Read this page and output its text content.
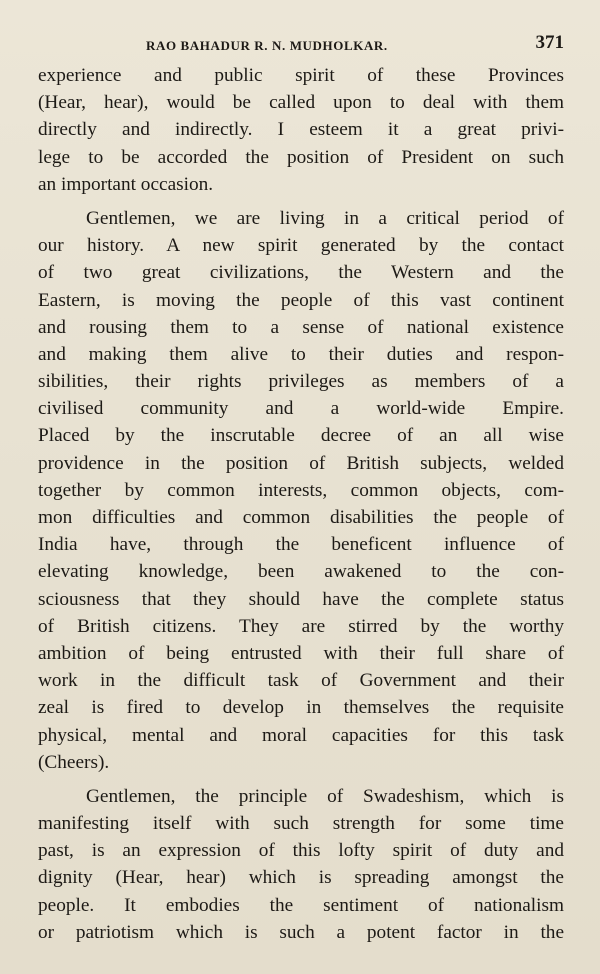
RAO BAHADUR R. N. MUDHOLKAR.	371
experience and public spirit of these Provinces
(Hear, hear), would be called upon to deal with them
directly and indirectly. I esteem it a great privi-
lege to be accorded the position of President on such
an important occasion.
Gentlemen, we are living in a critical period of
our history. A new spirit generated by the contact
of two great civilizations, the Western and the
Eastern, is moving the people of this vast continent
and rousing them to a sense of national existence
and making them alive to their duties and respon-
sibilities, their rights privileges as members of a
civilised community and a world-wide Empire.
Placed by the inscrutable decree of an all wise
providence in the position of British subjects, welded
together by common interests, common objects, com-
mon difficulties and common disabilities the people of
India have, through the beneficent influence of
elevating knowledge, been awakened to the con-
sciousness that they should have the complete status
of British citizens. They are stirred by the worthy
ambition of being entrusted with their full share of
work in the difficult task of Government and their
zeal is fired to develop in themselves the requisite
physical, mental and moral capacities for this task
(Cheers).
Gentlemen, the principle of Swadeshism, which is
manifesting itself with such strength for some time
past, is an expression of this lofty spirit of duty and
dignity (Hear, hear) which is spreading amongst the
people. It embodies the sentiment of nationalism
or patriotism which is such a potent factor in the
